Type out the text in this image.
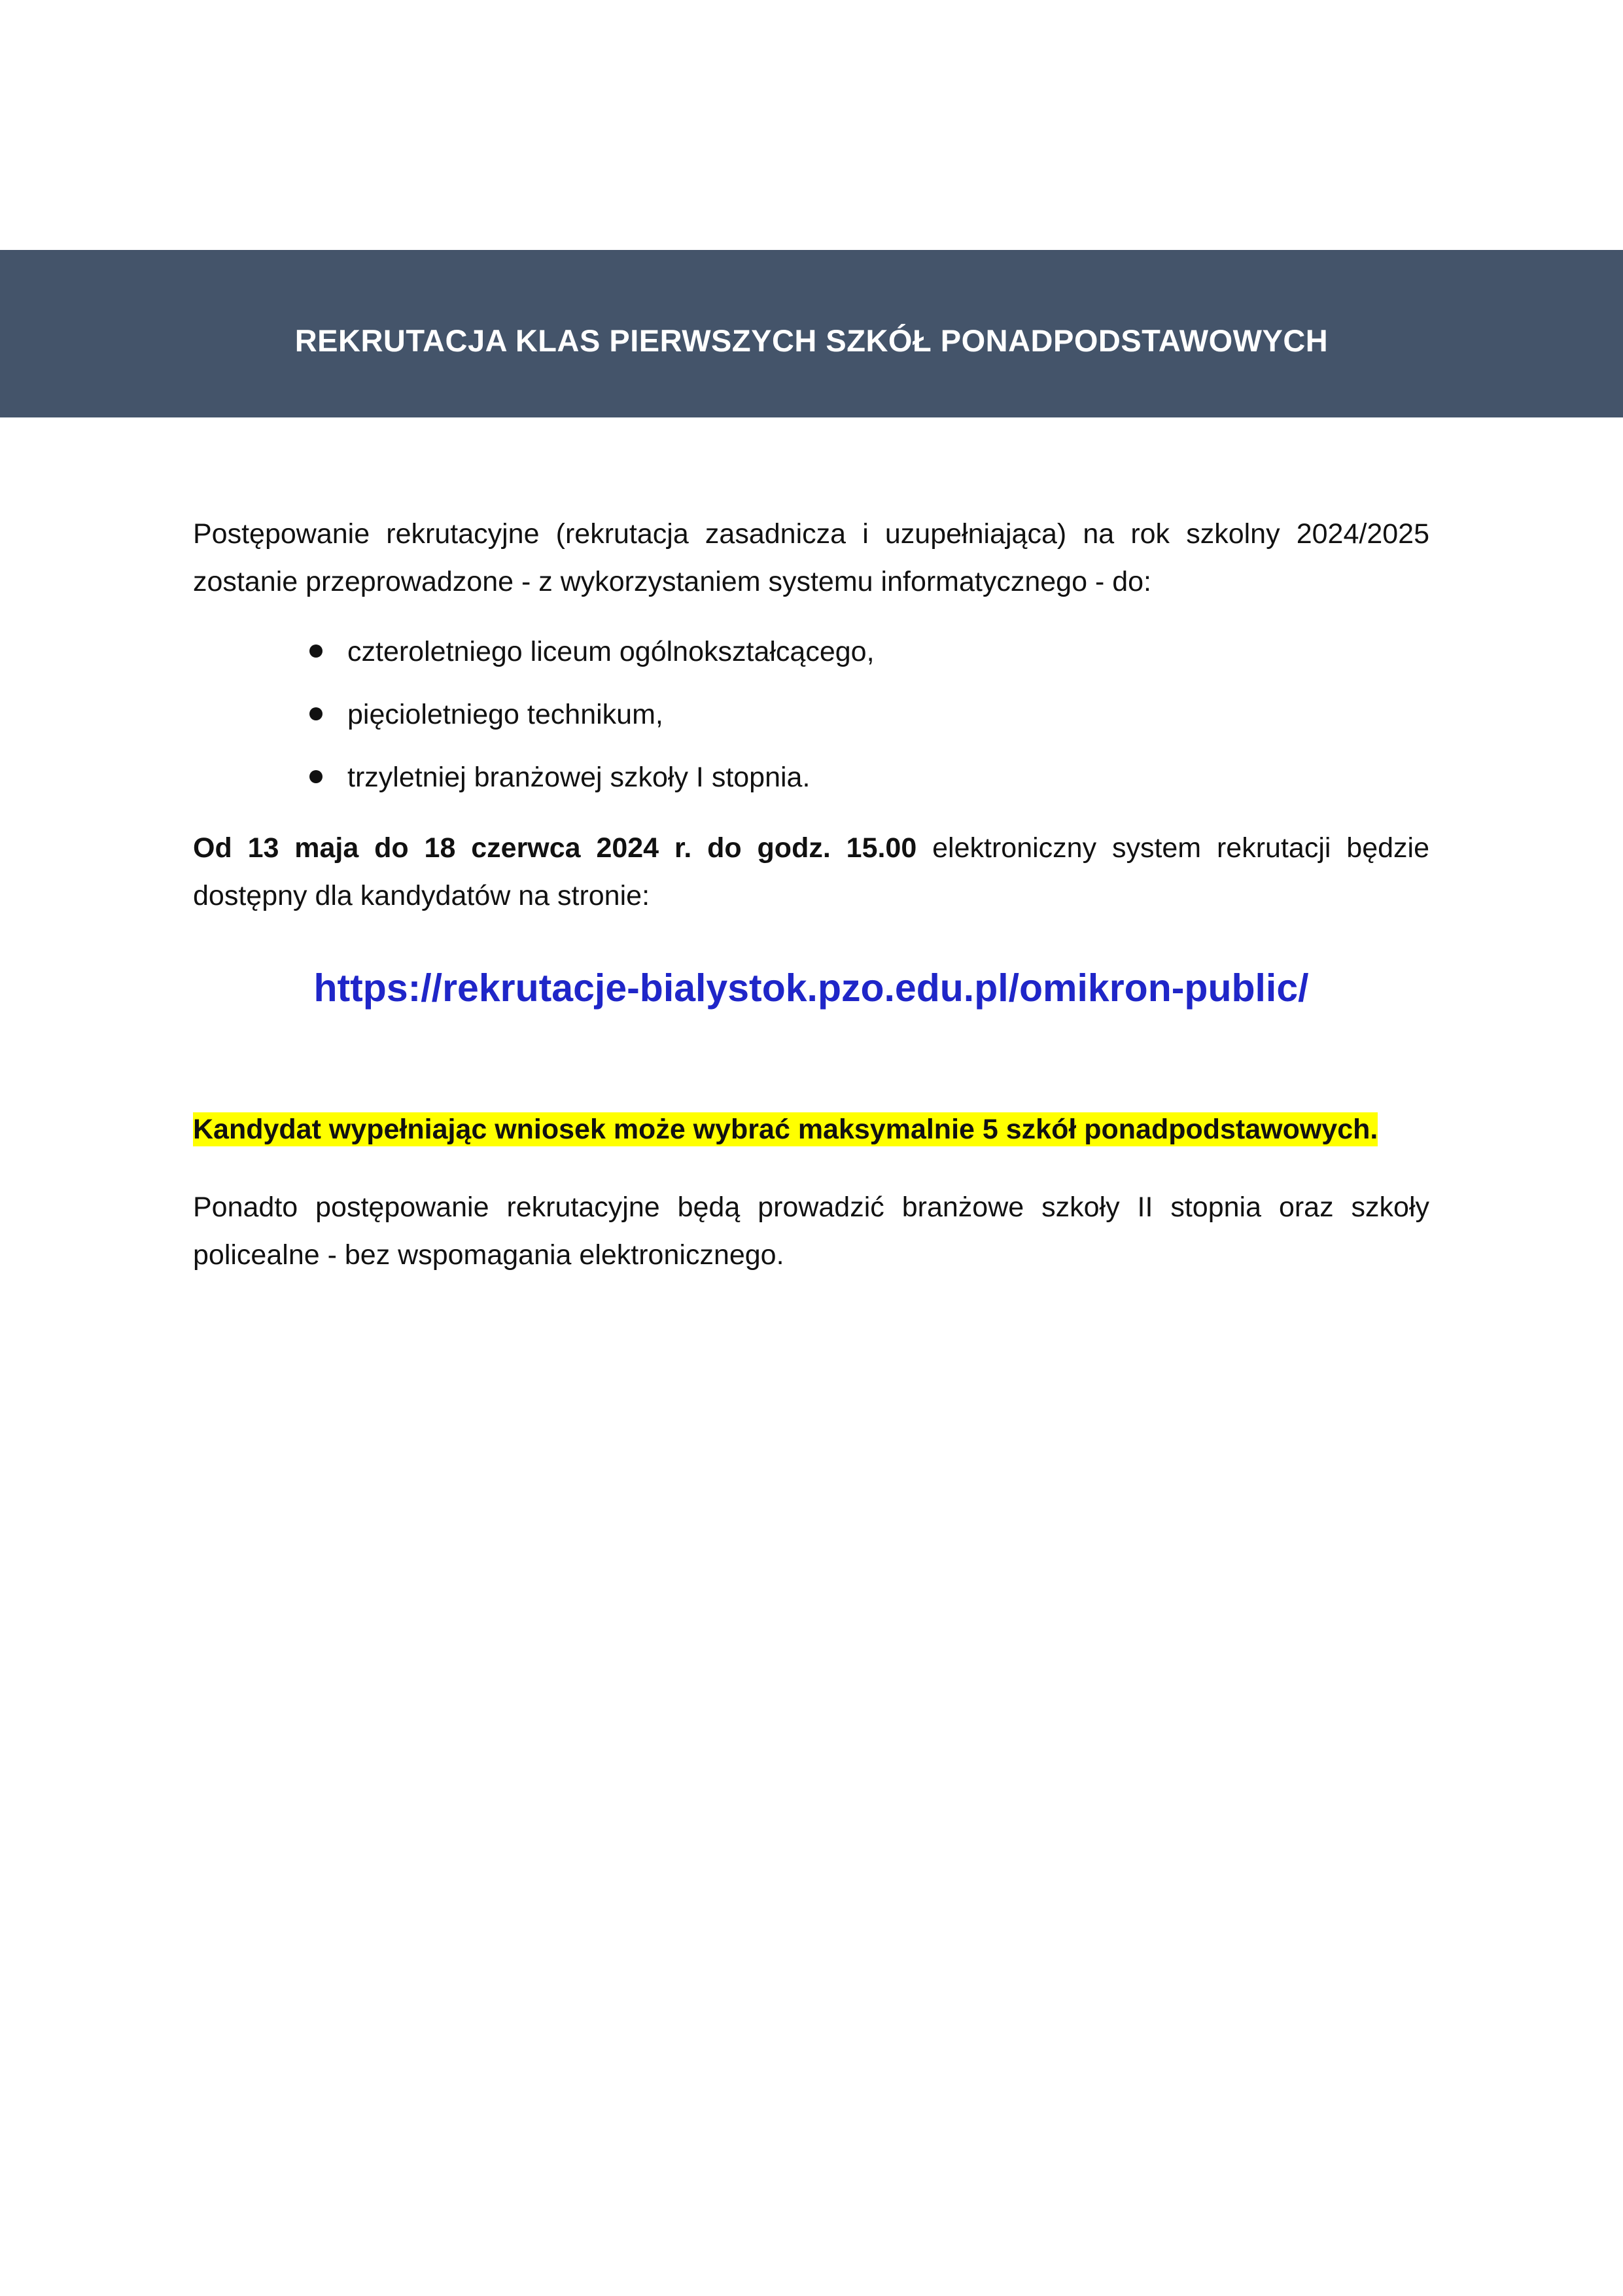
REKRUTACJA KLAS PIERWSZYCH SZKÓŁ PONADPODSTAWOWYCH

Postępowanie rekrutacyjne (rekrutacja zasadnicza i uzupełniająca) na rok szkolny 2024/2025 zostanie przeprowadzone - z wykorzystaniem systemu informatycznego - do:

czteroletniego liceum ogólnokształcącego,
pięcioletniego technikum,
trzyletniej branżowej szkoły I stopnia.

Od 13 maja do 18 czerwca 2024 r. do godz. 15.00 elektroniczny system rekrutacji będzie dostępny dla kandydatów na stronie:

https://rekrutacje-bialystok.pzo.edu.pl/omikron-public/
Kandydat wypełniając wniosek może wybrać maksymalnie 5 szkół ponadpodstawowych.

Ponadto postępowanie rekrutacyjne będą prowadzić branżowe szkoły II stopnia oraz szkoły policealne - bez wspomagania elektronicznego.
